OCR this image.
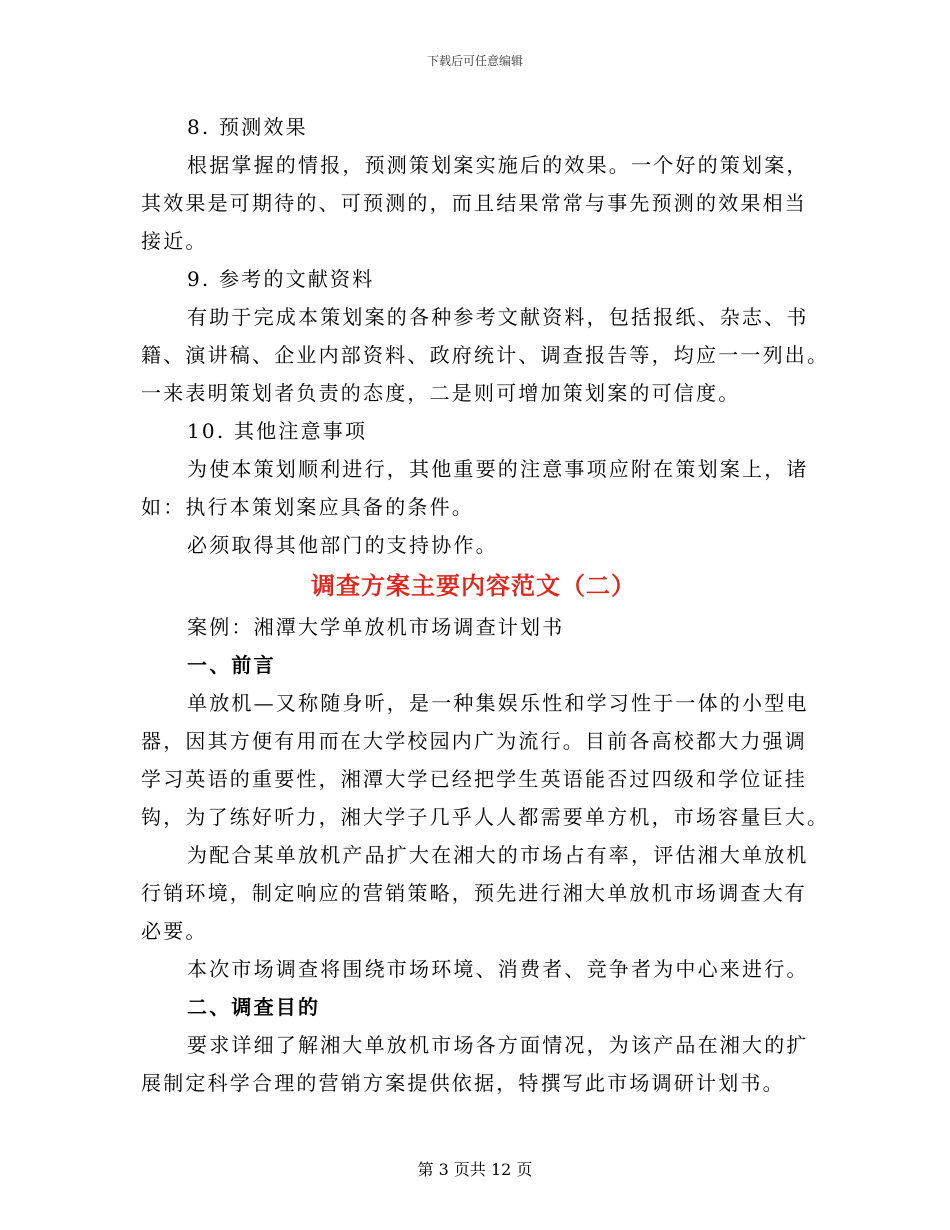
下载后可任意编辑
8. 预测效果
根据掌握的情报，预测策划案实施后的效果。一个好的策划案，
其效果是可期待的、可预测的，而且结果常常与事先预测的效果相当
接近。
9. 参考的文献资料
有助于完成本策划案的各种参考文献资料，包括报纸、杂志、书
籍、演讲稿、企业内部资料、政府统计、调查报告等，均应一一列出。
一来表明策划者负责的态度，二是则可增加策划案的可信度。
10. 其他注意事项
为使本策划顺利进行，其他重要的注意事项应附在策划案上，诸
如：执行本策划案应具备的条件。
必须取得其他部门的支持协作。
调查方案主要内容范文（二）
案例：湘潭大学单放机市场调查计划书
一、前言
单放机—又称随身听，是一种集娱乐性和学习性于一体的小型电
器，因其方便有用而在大学校园内广为流行。目前各高校都大力强调
学习英语的重要性，湘潭大学已经把学生英语能否过四级和学位证挂
钩，为了练好听力，湘大学子几乎人人都需要单方机，市场容量巨大。
为配合某单放机产品扩大在湘大的市场占有率，评估湘大单放机
行销环境，制定响应的营销策略，预先进行湘大单放机市场调查大有
必要。
本次市场调查将围绕市场环境、消费者、竞争者为中心来进行。
二、调查目的
要求详细了解湘大单放机市场各方面情况，为该产品在湘大的扩
展制定科学合理的营销方案提供依据，特撰写此市场调研计划书。
第 3 页共 12 页
